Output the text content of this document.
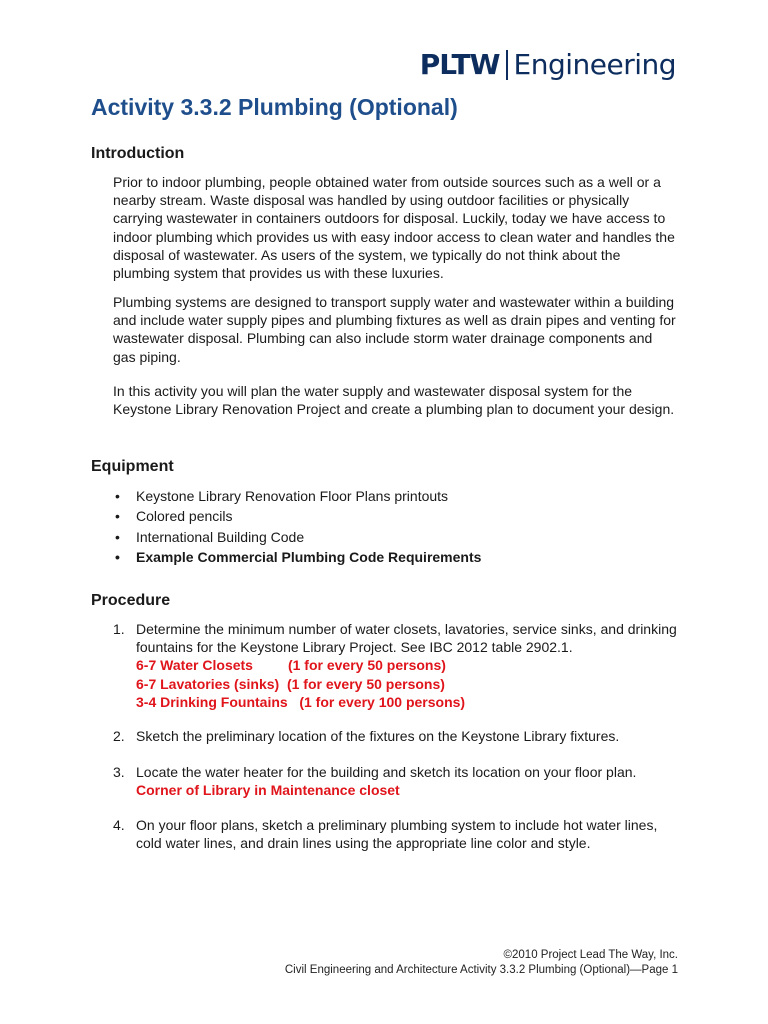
PLTW Engineering
Activity 3.3.2 Plumbing (Optional)
Introduction

Prior to indoor plumbing, people obtained water from outside sources such as a well or a nearby stream. Waste disposal was handled by using outdoor facilities or physically carrying wastewater in containers outdoors for disposal. Luckily, today we have access to indoor plumbing which provides us with easy indoor access to clean water and handles the disposal of wastewater. As users of the system, we typically do not think about the plumbing system that provides us with these luxuries.

Plumbing systems are designed to transport supply water and wastewater within a building and include water supply pipes and plumbing fixtures as well as drain pipes and venting for wastewater disposal. Plumbing can also include storm water drainage components and gas piping.

In this activity you will plan the water supply and wastewater disposal system for the Keystone Library Renovation Project and create a plumbing plan to document your design.

Equipment
• Keystone Library Renovation Floor Plans printouts
• Colored pencils
• International Building Code
• Example Commercial Plumbing Code Requirements
Procedure
1. Determine the minimum number of water closets, lavatories, service sinks, and drinking fountains for the Keystone Library Project. See IBC 2012 table 2902.1.
6-7 Water Closets         (1 for every 50 persons)
6-7 Lavatories (sinks)  (1 for every 50 persons)
3-4 Drinking Fountains   (1 for every 100 persons)
2. Sketch the preliminary location of the fixtures on the Keystone Library fixtures.
3. Locate the water heater for the building and sketch its location on your floor plan.
Corner of Library in Maintenance closet
4. On your floor plans, sketch a preliminary plumbing system to include hot water lines, cold water lines, and drain lines using the appropriate line color and style.
©2010 Project Lead The Way, Inc.
Civil Engineering and Architecture Activity 3.3.2 Plumbing (Optional)—Page 1
